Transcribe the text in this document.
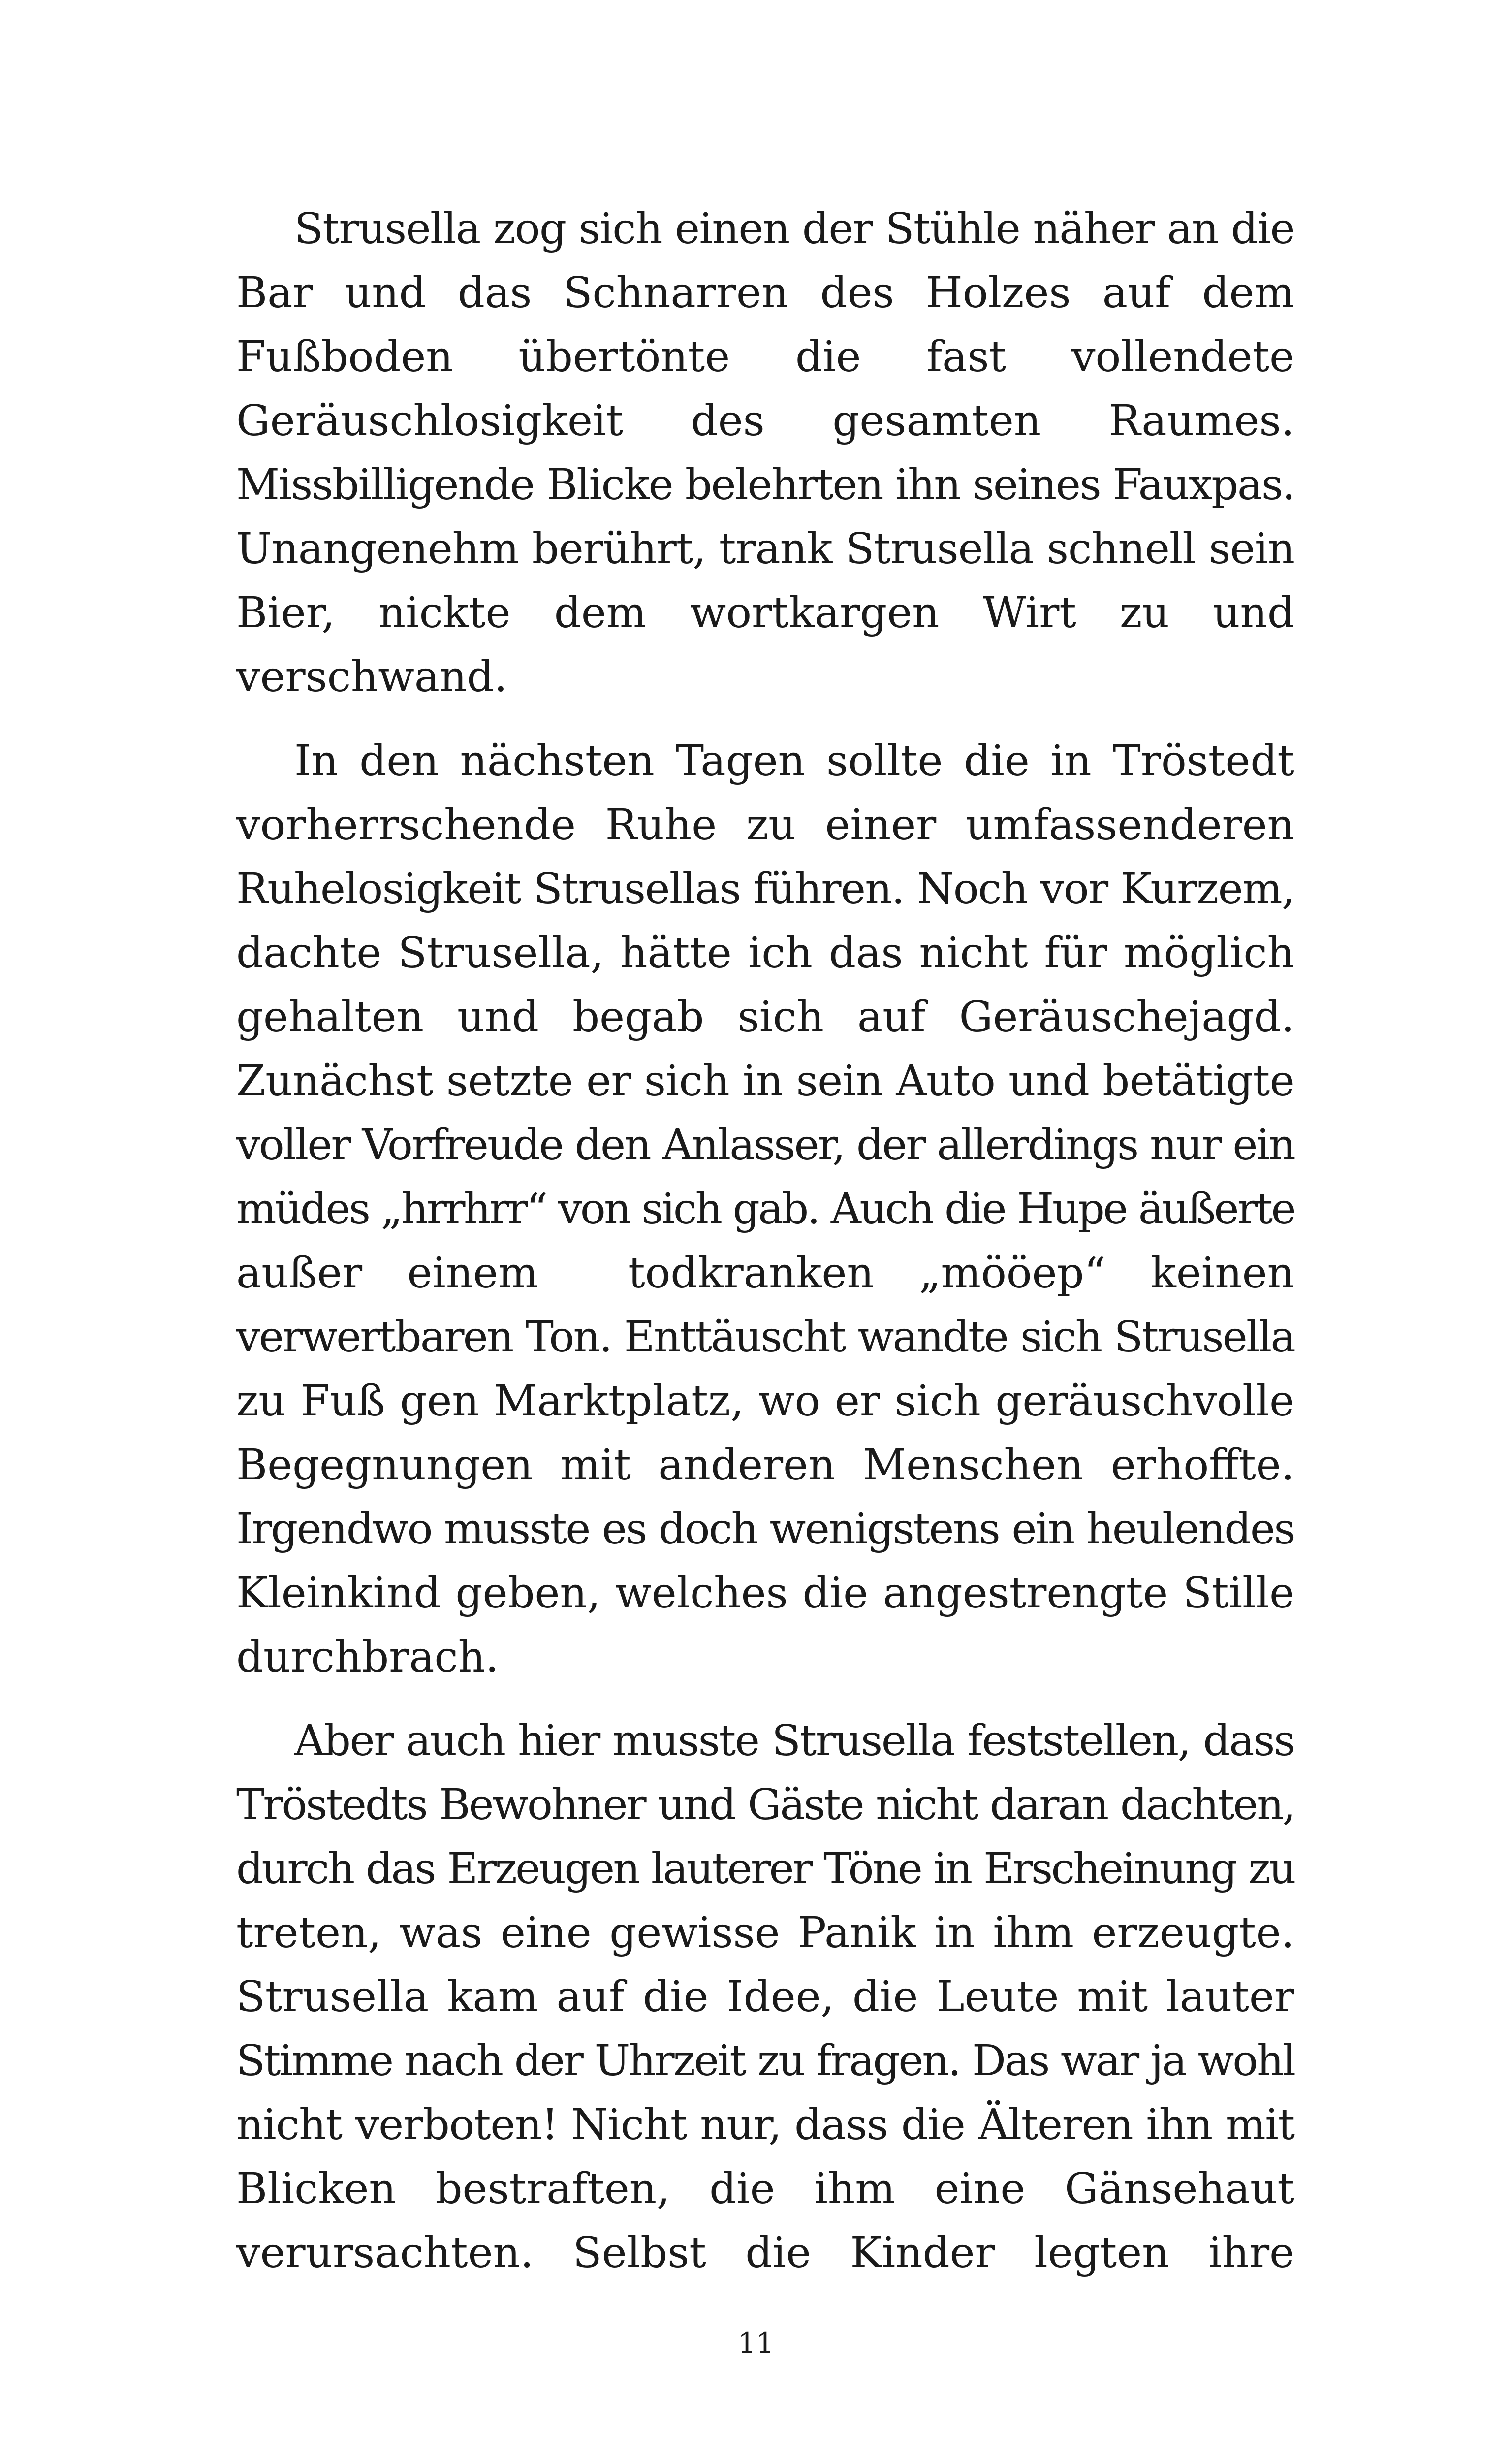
Strusella zog sich einen der Stühle näher an die
Bar und das Schnarren des Holzes auf dem
Fußboden übertönte die fast vollendete
Geräuschlosigkeit des gesamten Raumes.
Missbilligende Blicke belehrten ihn seines Fauxpas.
Unangenehm berührt, trank Strusella schnell sein
Bier, nickte dem wortkargen Wirt zu und
verschwand.
In den nächsten Tagen sollte die in Tröstedt
vorherrschende Ruhe zu einer umfassenderen
Ruhelosigkeit Strusellas führen. Noch vor Kurzem,
dachte Strusella, hätte ich das nicht für möglich
gehalten und begab sich auf Geräuschejagd.
Zunächst setzte er sich in sein Auto und betätigte
voller Vorfreude den Anlasser, der allerdings nur ein
müdes „hrrhrr“ von sich gab. Auch die Hupe äußerte
außer einem  todkranken „mööep“ keinen
verwertbaren Ton. Enttäuscht wandte sich Strusella
zu Fuß gen Marktplatz, wo er sich geräuschvolle
Begegnungen mit anderen Menschen erhoffte.
Irgendwo musste es doch wenigstens ein heulendes
Kleinkind geben, welches die angestrengte Stille
durchbrach.
Aber auch hier musste Strusella feststellen, dass
Tröstedts Bewohner und Gäste nicht daran dachten,
durch das Erzeugen lauterer Töne in Erscheinung zu
treten, was eine gewisse Panik in ihm erzeugte.
Strusella kam auf die Idee, die Leute mit lauter
Stimme nach der Uhrzeit zu fragen. Das war ja wohl
nicht verboten! Nicht nur, dass die Älteren ihn mit
Blicken bestraften, die ihm eine Gänsehaut
verursachten. Selbst die Kinder legten ihre
11
